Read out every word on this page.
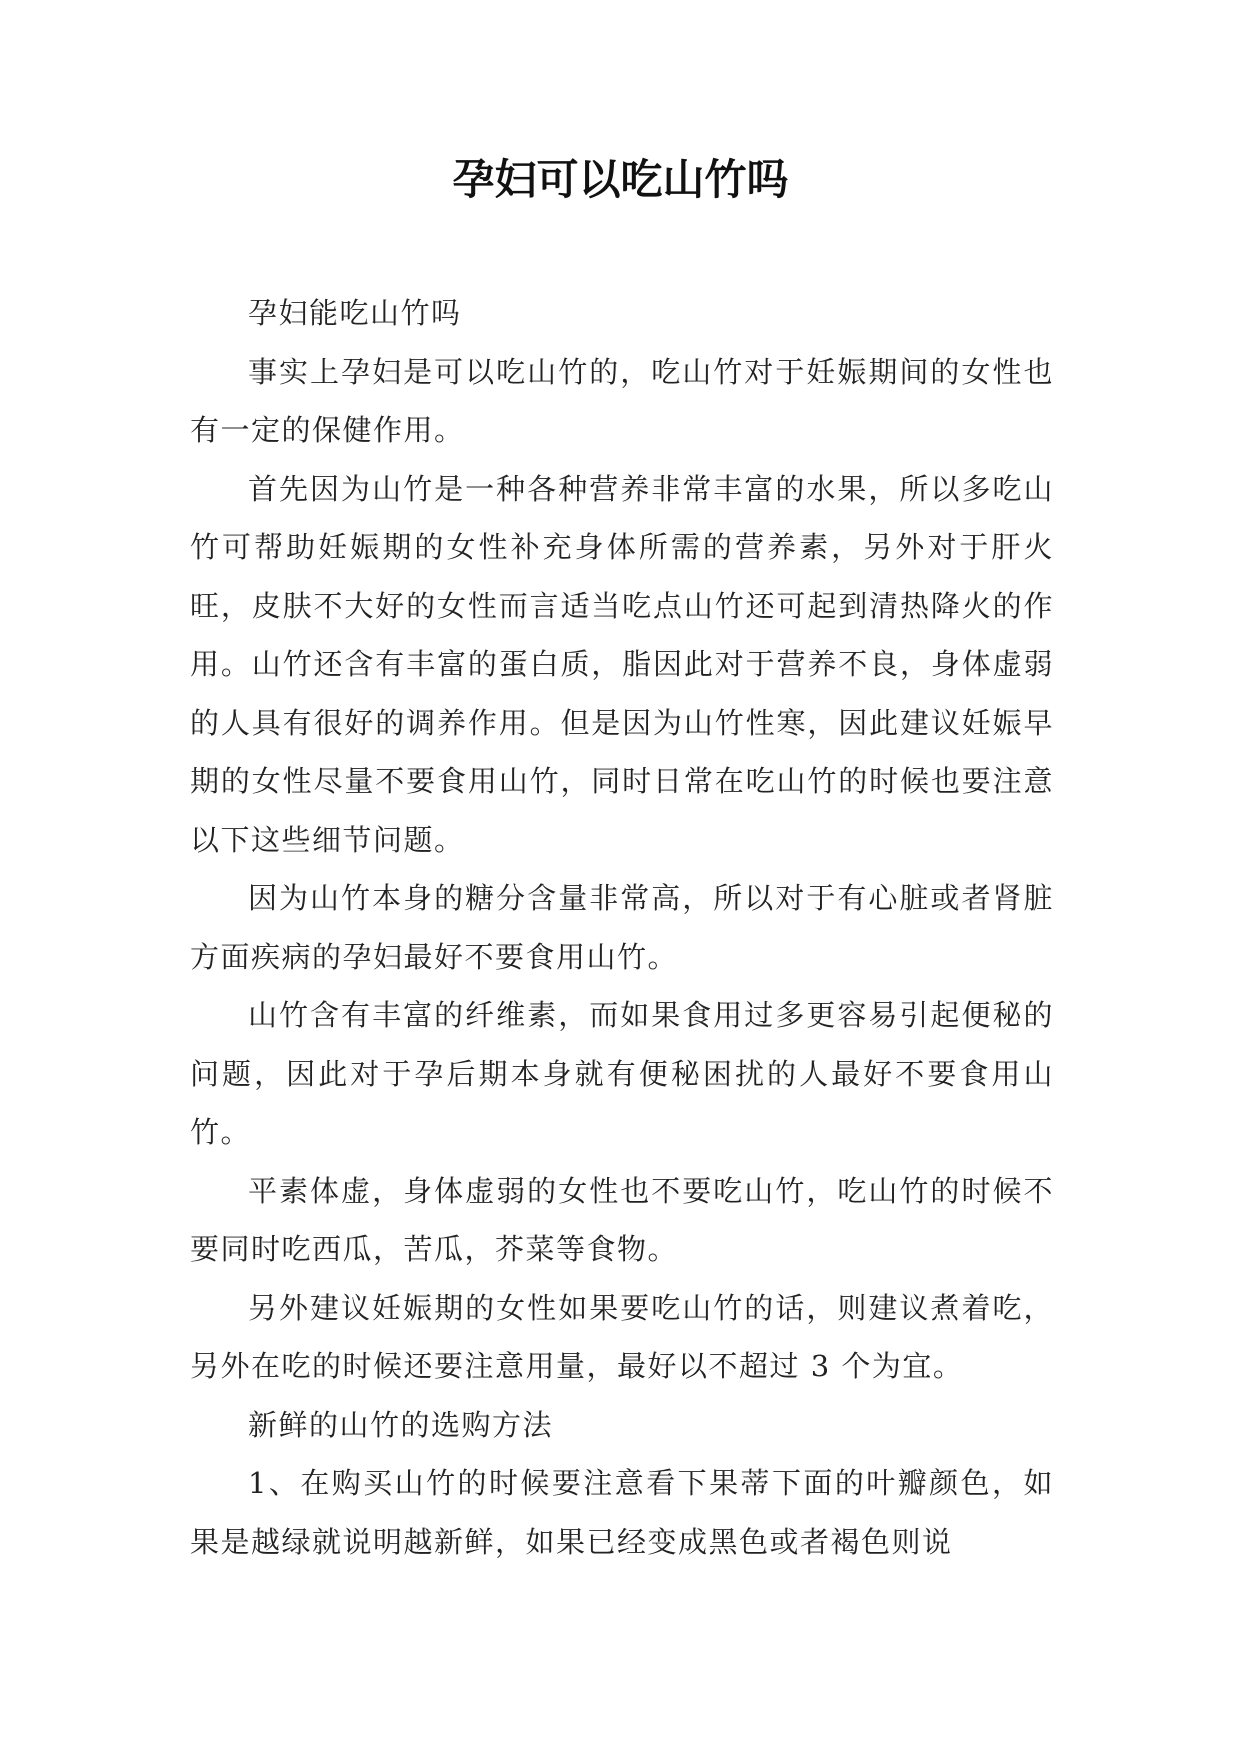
孕妇可以吃山竹吗

孕妇能吃山竹吗

事实上孕妇是可以吃山竹的，吃山竹对于妊娠期间的女性也有一定的保健作用。

首先因为山竹是一种各种营养非常丰富的水果，所以多吃山竹可帮助妊娠期的女性补充身体所需的营养素，另外对于肝火旺，皮肤不大好的女性而言适当吃点山竹还可起到清热降火的作用。山竹还含有丰富的蛋白质，脂因此对于营养不良，身体虚弱的人具有很好的调养作用。但是因为山竹性寒，因此建议妊娠早期的女性尽量不要食用山竹，同时日常在吃山竹的时候也要注意以下这些细节问题。

因为山竹本身的糖分含量非常高，所以对于有心脏或者肾脏方面疾病的孕妇最好不要食用山竹。

山竹含有丰富的纤维素，而如果食用过多更容易引起便秘的问题，因此对于孕后期本身就有便秘困扰的人最好不要食用山竹。

平素体虚，身体虚弱的女性也不要吃山竹，吃山竹的时候不要同时吃西瓜，苦瓜，芥菜等食物。

另外建议妊娠期的女性如果要吃山竹的话，则建议煮着吃，另外在吃的时候还要注意用量，最好以不超过 3 个为宜。

新鲜的山竹的选购方法

1、在购买山竹的时候要注意看下果蒂下面的叶瓣颜色，如果是越绿就说明越新鲜，如果已经变成黑色或者褐色则说
